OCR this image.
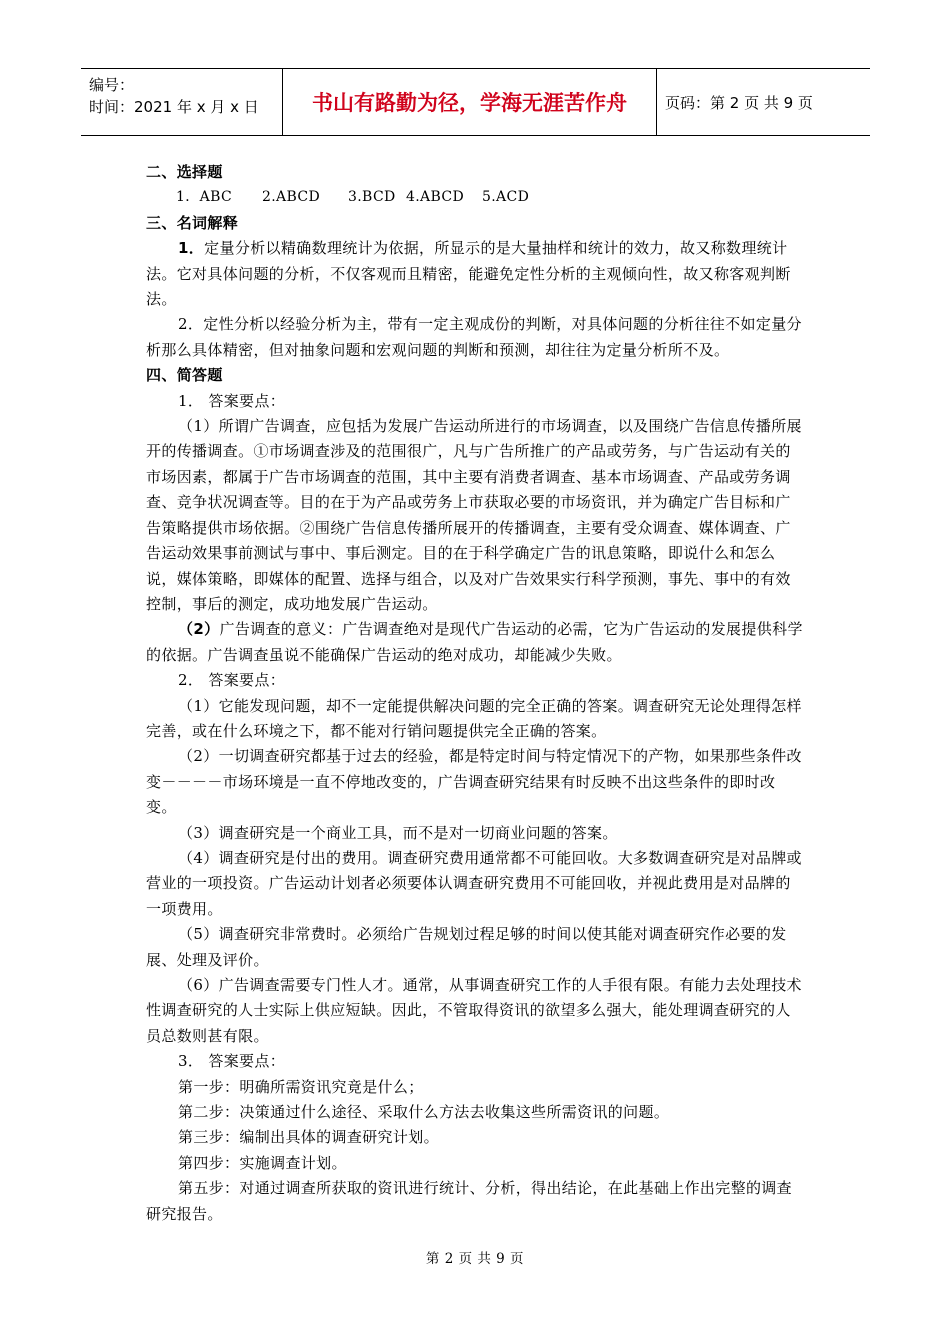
编号：
时间：2021 年 x 月 x 日	书山有路勤为径，学海无涯苦作舟	页码：第 2 页 共 9 页

二、选择题

1．ABC 2.ABCD 3.BCD 4.ABCD 5.ACD

三、名词解释

1．定量分析以精确数理统计为依据，所显示的是大量抽样和统计的效力，故又称数理统计法。它对具体问题的分析，不仅客观而且精密，能避免定性分析的主观倾向性，故又称客观判断法。

2．定性分析以经验分析为主，带有一定主观成份的判断，对具体问题的分析往往不如定量分析那么具体精密，但对抽象问题和宏观问题的判断和预测，却往往为定量分析所不及。

四、简答题

1． 答案要点：

（1）所谓广告调查，应包括为发展广告运动所进行的市场调查，以及围绕广告信息传播所展开的传播调查。①市场调查涉及的范围很广，凡与广告所推广的产品或劳务，与广告运动有关的市场因素，都属于广告市场调查的范围，其中主要有消费者调查、基本市场调查、产品或劳务调查、竞争状况调查等。目的在于为产品或劳务上市获取必要的市场资讯，并为确定广告目标和广告策略提供市场依据。②围绕广告信息传播所展开的传播调查，主要有受众调查、媒体调查、广告运动效果事前测试与事中、事后测定。目的在于科学确定广告的讯息策略，即说什么和怎么说，媒体策略，即媒体的配置、选择与组合，以及对广告效果实行科学预测，事先、事中的有效控制，事后的测定，成功地发展广告运动。

（2）广告调查的意义：广告调查绝对是现代广告运动的必需，它为广告运动的发展提供科学的依据。广告调查虽说不能确保广告运动的绝对成功，却能减少失败。

2． 答案要点：

（1）它能发现问题，却不一定能提供解决问题的完全正确的答案。调查研究无论处理得怎样完善，或在什么环境之下，都不能对行销问题提供完全正确的答案。

（2）一切调查研究都基于过去的经验，都是特定时间与特定情况下的产物，如果那些条件改变－－－－市场环境是一直不停地改变的，广告调查研究结果有时反映不出这些条件的即时改变。

（3）调查研究是一个商业工具，而不是对一切商业问题的答案。

（4）调查研究是付出的费用。调查研究费用通常都不可能回收。大多数调查研究是对品牌或营业的一项投资。广告运动计划者必须要体认调查研究费用不可能回收，并视此费用是对品牌的一项费用。

（5）调查研究非常费时。必须给广告规划过程足够的时间以使其能对调查研究作必要的发展、处理及评价。

（6）广告调查需要专门性人才。通常，从事调查研究工作的人手很有限。有能力去处理技术性调查研究的人士实际上供应短缺。因此，不管取得资讯的欲望多么强大，能处理调查研究的人员总数则甚有限。

3． 答案要点：

第一步：明确所需资讯究竟是什么；

第二步：决策通过什么途径、采取什么方法去收集这些所需资讯的问题。

第三步：编制出具体的调查研究计划。

第四步：实施调查计划。

第五步：对通过调查所获取的资讯进行统计、分析，得出结论，在此基础上作出完整的调查研究报告。

第 2 页 共 9 页
